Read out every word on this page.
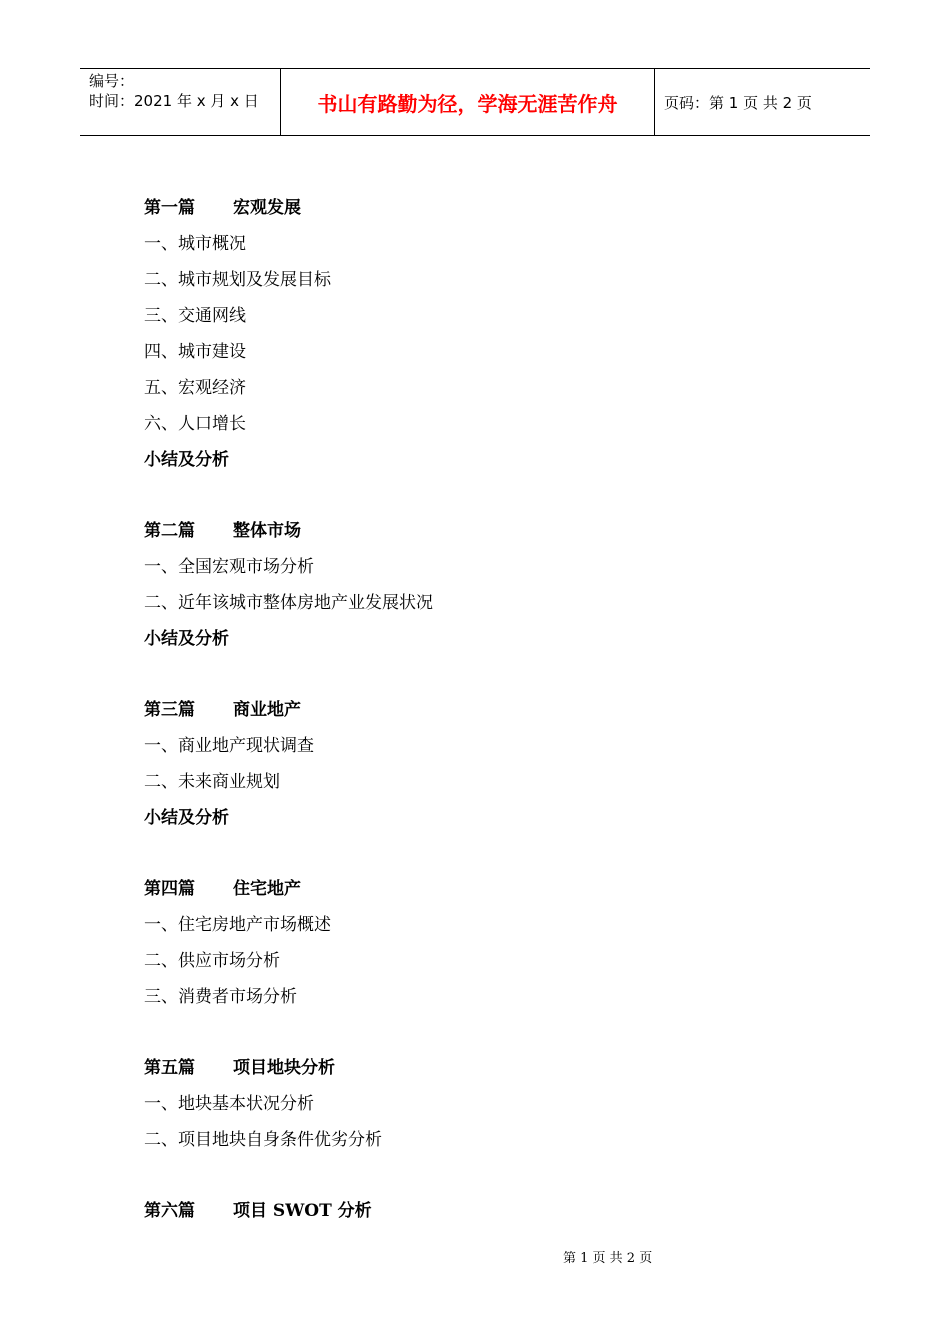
编号：
时间：2021 年 x 月 x 日	书山有路勤为径，学海无涯苦作舟	页码：第 1 页 共 2 页
第一篇 宏观发展
一、城市概况
二、城市规划及发展目标
三、交通网线
四、城市建设
五、宏观经济
六、人口增长
小结及分析
第二篇 整体市场
一、全国宏观市场分析
二、近年该城市整体房地产业发展状况
小结及分析
第三篇 商业地产
一、商业地产现状调查
二、未来商业规划
小结及分析
第四篇 住宅地产
一、住宅房地产市场概述
二、供应市场分析
三、消费者市场分析
第五篇 项目地块分析
一、地块基本状况分析
二、项目地块自身条件优劣分析
第六篇 项目 SWOT 分析
第 1 页 共 2 页
